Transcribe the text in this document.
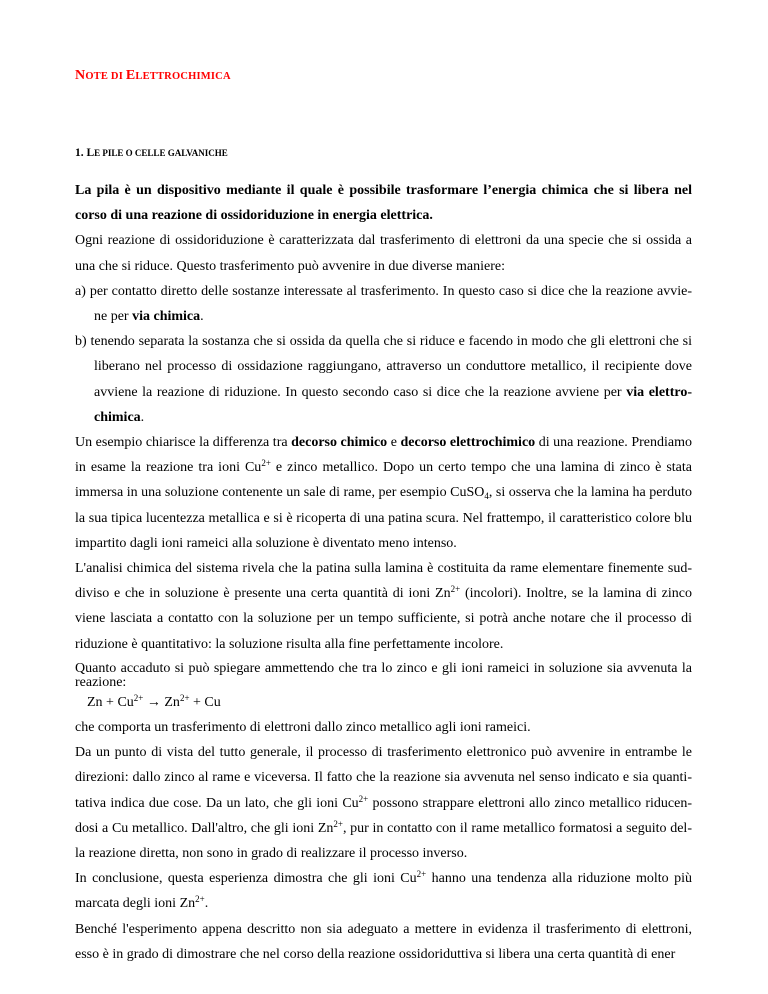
NOTE DI ELETTROCHIMICA
1. LE PILE O CELLE GALVANICHE

La pila è un dispositivo mediante il quale è possibile trasformare l’energia chimica che si libera nel corso di una reazione di ossidoriduzione in energia elettrica.

Ogni reazione di ossidoriduzione è caratterizzata dal trasferimento di elettroni da una specie che si ossida a una che si riduce. Questo trasferimento può avvenire in due diverse maniere:

a) per contatto diretto delle sostanze interessate al trasferimento. In questo caso si dice che la reazione avviene per via chimica.

b) tenendo separata la sostanza che si ossida da quella che si riduce e facendo in modo che gli elettroni che si liberano nel processo di ossidazione raggiungano, attraverso un conduttore metallico, il recipiente dove avviene la reazione di riduzione. In questo secondo caso si dice che la reazione avviene per via elettrochimica.

Un esempio chiarisce la differenza tra decorso chimico e decorso elettrochimico di una reazione. Prendiamo in esame la reazione tra ioni $Cu^{2+}$ e zinco metallico. Dopo un certo tempo che una lamina di zinco è stata immersa in una soluzione contenente un sale di rame, per esempio CuSO$_4$, si osserva che la lamina ha perduto la sua tipica lucentezza metallica e si è ricoperta di una patina scura. Nel frattempo, il caratteristico colore blu impartito dagli ioni rameici alla soluzione è diventato meno intenso.

L'analisi chimica del sistema rivela che la patina sulla lamina è costituita da rame elementare finemente suddiviso e che in soluzione è presente una certa quantità di ioni $Zn^{2+}$ (incolori). Inoltre, se la lamina di zinco viene lasciata a contatto con la soluzione per un tempo sufficiente, si potrà anche notare che il processo di riduzione è quantitativo: la soluzione risulta alla fine perfettamente incolore.

Quanto accaduto si può spiegare ammettendo che tra lo zinco e gli ioni rameici in soluzione sia avvenuta la reazione:

$Zn + Cu^{2+} \to Zn^{2+} + Cu$

che comporta un trasferimento di elettroni dallo zinco metallico agli ioni rameici.

Da un punto di vista del tutto generale, il processo di trasferimento elettronico può avvenire in entrambe le direzioni: dallo zinco al rame e viceversa. Il fatto che la reazione sia avvenuta nel senso indicato e sia quantitativa indica due cose. Da un lato, che gli ioni $Cu^{2+}$ possono strappare elettroni allo zinco metallico riducendosi a Cu metallico. Dall'altro, che gli ioni $Zn^{2+}$, pur in contatto con il rame metallico formatosi a seguito della reazione diretta, non sono in grado di realizzare il processo inverso.

In conclusione, questa esperienza dimostra che gli ioni $Cu^{2+}$ hanno una tendenza alla riduzione molto più marcata degli ioni $Zn^{2+}$.

Benché l'esperimento appena descritto non sia adeguato a mettere in evidenza il trasferimento di elettroni, esso è in grado di dimostrare che nel corso della reazione ossidoriduttiva si libera una certa quantità di ener
